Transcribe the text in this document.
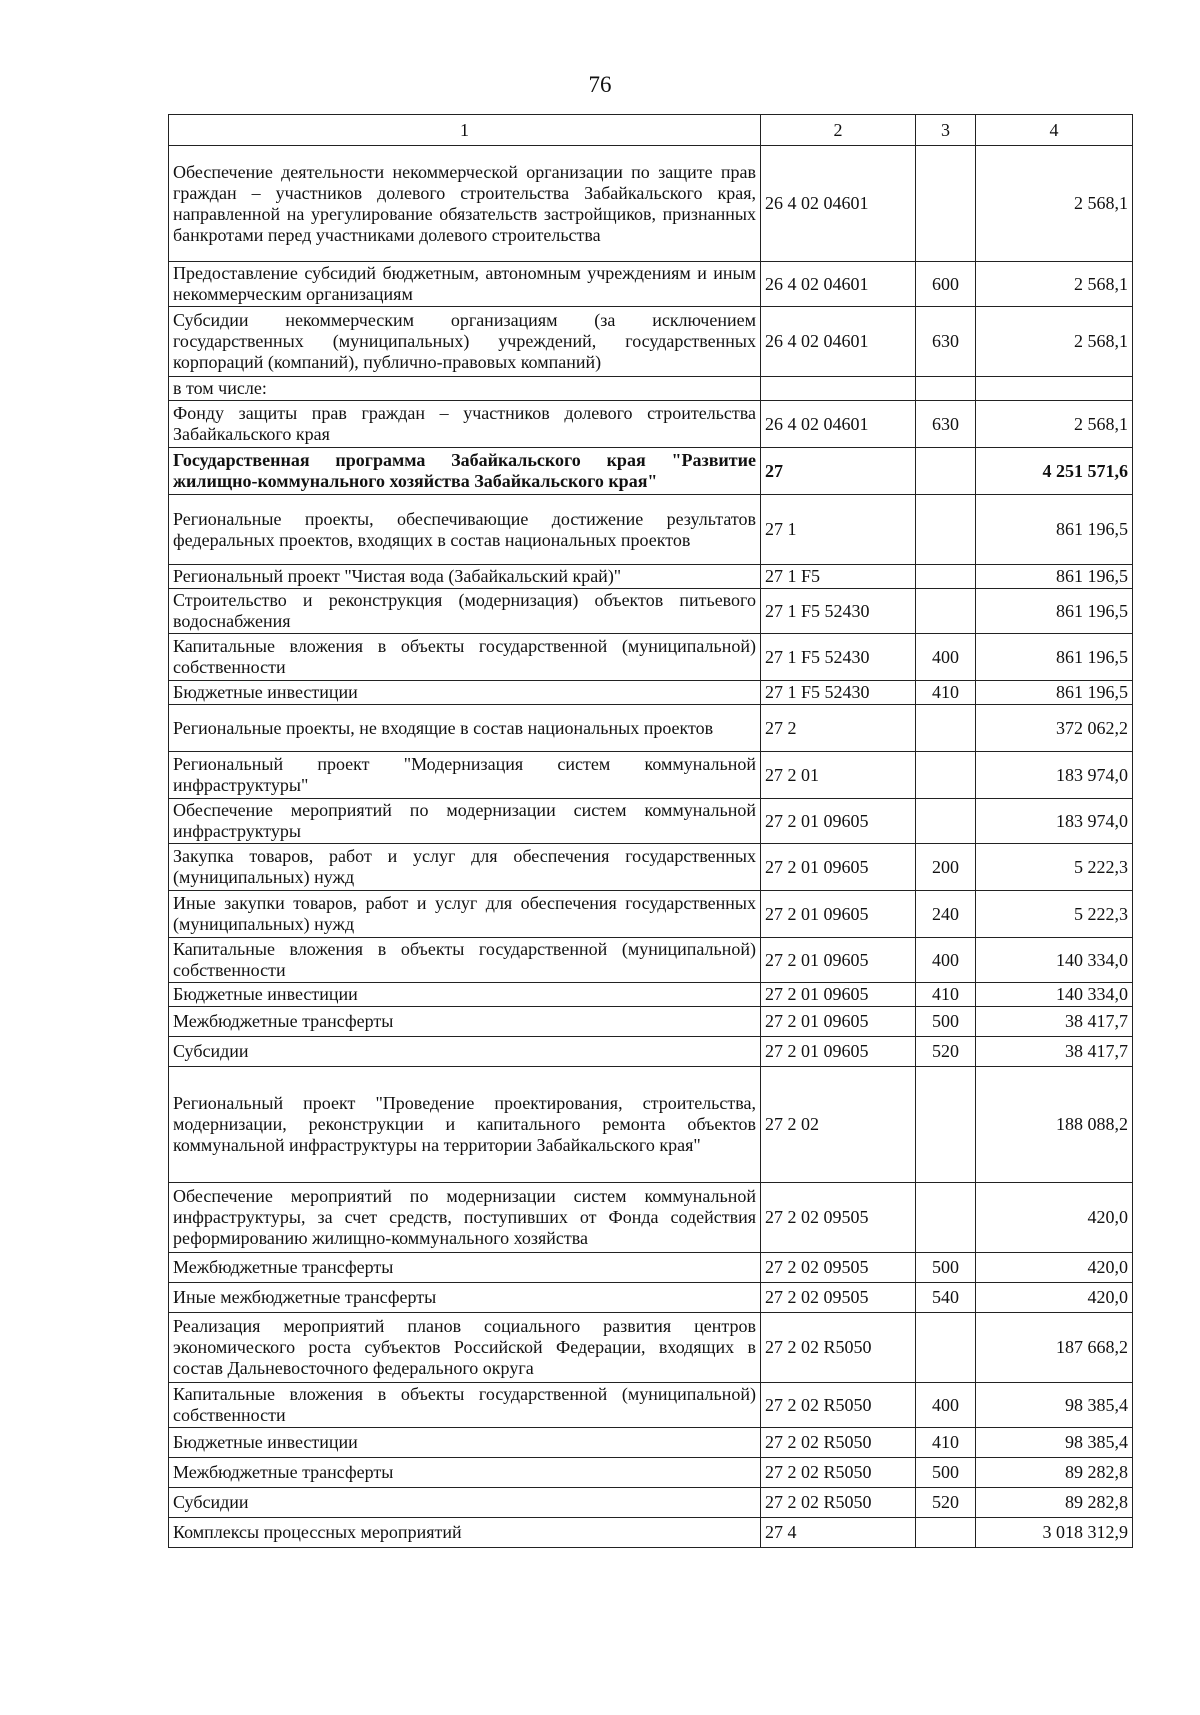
76
1	2	3	4
Обеспечение деятельности некоммерческой организации по защите прав граждан – участников долевого строительства Забайкальского края, направленной на урегулирование обязательств застройщиков, признанных банкротами перед участниками долевого строительства	26 4 02 04601		2 568,1
Предоставление субсидий бюджетным, автономным учреждениям и иным некоммерческим организациям	26 4 02 04601	600	2 568,1
Субсидии некоммерческим организациям (за исключением государственных (муниципальных) учреждений, государственных корпораций (компаний), публично-правовых компаний)	26 4 02 04601	630	2 568,1
в том числе:			
Фонду защиты прав граждан – участников долевого строительства Забайкальского края	26 4 02 04601	630	2 568,1
Государственная программа Забайкальского края "Развитие жилищно-коммунального хозяйства Забайкальского края"	27		4 251 571,6
Региональные проекты, обеспечивающие достижение результатов федеральных проектов, входящих в состав национальных проектов	27 1		861 196,5
Региональный проект "Чистая вода (Забайкальский край)"	27 1 F5		861 196,5
Строительство и реконструкция (модернизация) объектов питьевого водоснабжения	27 1 F5 52430		861 196,5
Капитальные вложения в объекты государственной (муниципальной) собственности	27 1 F5 52430	400	861 196,5
Бюджетные инвестиции	27 1 F5 52430	410	861 196,5
Региональные проекты, не входящие в состав национальных проектов	27 2		372 062,2
Региональный проект "Модернизация систем коммунальной инфраструктуры"	27 2 01		183 974,0
Обеспечение мероприятий по модернизации систем коммунальной инфраструктуры	27 2 01 09605		183 974,0
Закупка товаров, работ и услуг для обеспечения государственных (муниципальных) нужд	27 2 01 09605	200	5 222,3
Иные закупки товаров, работ и услуг для обеспечения государственных (муниципальных) нужд	27 2 01 09605	240	5 222,3
Капитальные вложения в объекты государственной (муниципальной) собственности	27 2 01 09605	400	140 334,0
Бюджетные инвестиции	27 2 01 09605	410	140 334,0
Межбюджетные трансферты	27 2 01 09605	500	38 417,7
Субсидии	27 2 01 09605	520	38 417,7
Региональный проект "Проведение проектирования, строительства, модернизации, реконструкции и капитального ремонта объектов коммунальной инфраструктуры на территории Забайкальского края"	27 2 02		188 088,2
Обеспечение мероприятий по модернизации систем коммунальной инфраструктуры, за счет средств, поступивших от Фонда содействия реформированию жилищно-коммунального хозяйства	27 2 02 09505		420,0
Межбюджетные трансферты	27 2 02 09505	500	420,0
Иные межбюджетные трансферты	27 2 02 09505	540	420,0
Реализация мероприятий планов социального развития центров экономического роста субъектов Российской Федерации, входящих в состав Дальневосточного федерального округа	27 2 02 R5050		187 668,2
Капитальные вложения в объекты государственной (муниципальной) собственности	27 2 02 R5050	400	98 385,4
Бюджетные инвестиции	27 2 02 R5050	410	98 385,4
Межбюджетные трансферты	27 2 02 R5050	500	89 282,8
Субсидии	27 2 02 R5050	520	89 282,8
Комплексы процессных мероприятий	27 4		3 018 312,9
